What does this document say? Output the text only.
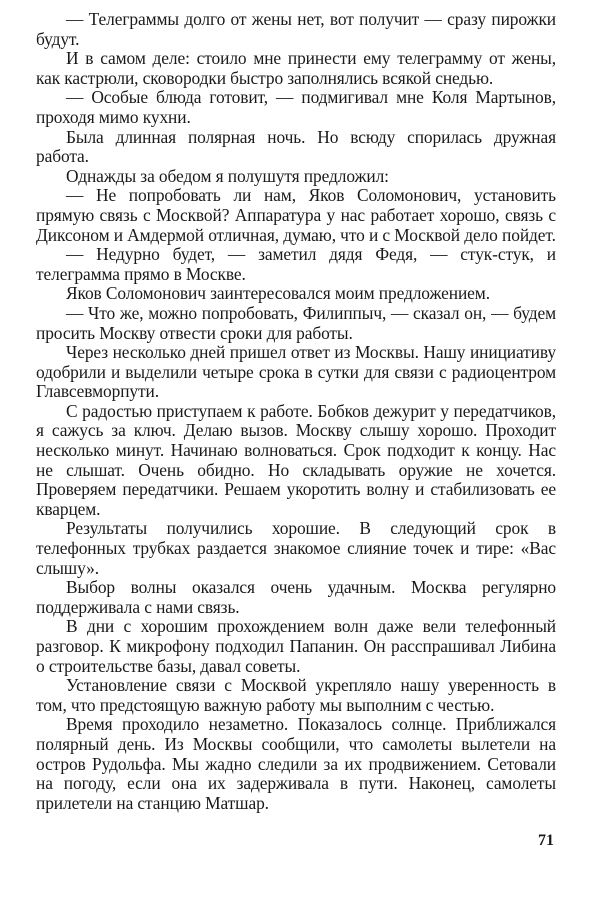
— Телеграммы долго от жены нет, вот получит — сразу пирожки будут.

И в самом деле: стоило мне принести ему телеграмму от жены, как кастрюли, сковородки быстро заполнялись всякой снедью.

— Особые блюда готовит, — подмигивал мне Коля Мартынов, проходя мимо кухни.

Была длинная полярная ночь. Но всюду спорилась дружная работа.

Однажды за обедом я полушутя предложил:

— Не попробовать ли нам, Яков Соломонович, установить прямую связь с Москвой? Аппаратура у нас работает хорошо, связь с Диксоном и Амдермой отличная, думаю, что и с Москвой дело пойдет.

— Недурно будет, — заметил дядя Федя, — стук-стук, и телеграмма прямо в Москве.

Яков Соломонович заинтересовался моим предложением.

— Что же, можно попробовать, Филиппыч, — сказал он, — будем просить Москву отвести сроки для работы.

Через несколько дней пришел ответ из Москвы. Нашу инициативу одобрили и выделили четыре срока в сутки для связи с радиоцентром Главсевморпути.

С радостью приступаем к работе. Бобков дежурит у передатчиков, я сажусь за ключ. Делаю вызов. Москву слышу хорошо. Проходит несколько минут. Начинаю волноваться. Срок подходит к концу. Нас не слышат. Очень обидно. Но складывать оружие не хочется. Проверяем передатчики. Решаем укоротить волну и стабилизовать ее кварцем.

Результаты получились хорошие. В следующий срок в телефонных трубках раздается знакомое слияние точек и тире: «Вас слышу».

Выбор волны оказался очень удачным. Москва регулярно поддерживала с нами связь.

В дни с хорошим прохождением волн даже вели телефонный разговор. К микрофону подходил Папанин. Он расспрашивал Либина о строительстве базы, давал советы.

Установление связи с Москвой укрепляло нашу уверенность в том, что предстоящую важную работу мы выполним с честью.

Время проходило незаметно. Показалось солнце. Приближался полярный день. Из Москвы сообщили, что самолеты вылетели на остров Рудольфа. Мы жадно следили за их продвижением. Сетовали на погоду, если она их задерживала в пути. Наконец, самолеты прилетели на станцию Матшар.

71
